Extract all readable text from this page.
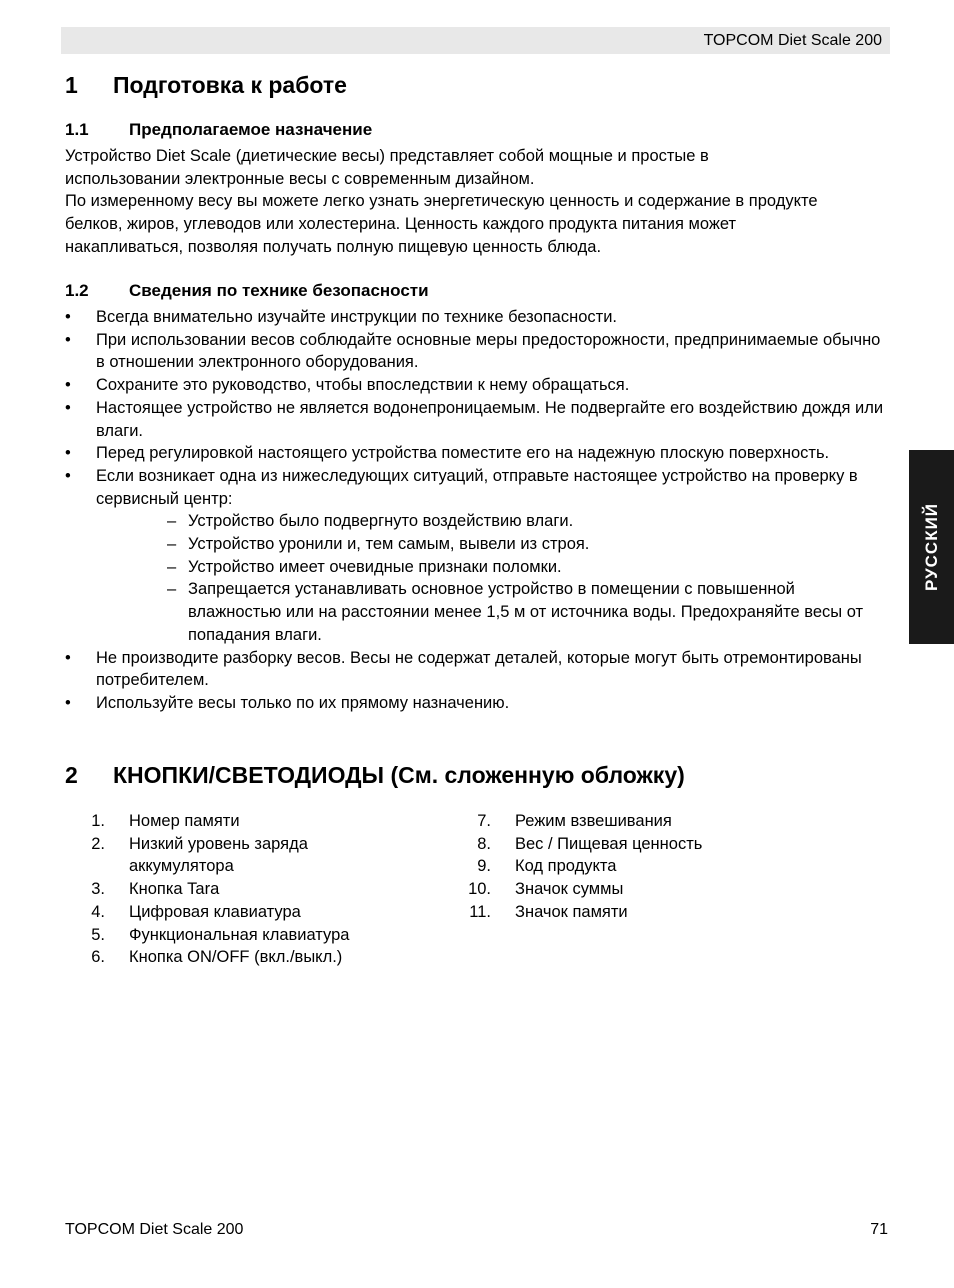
TOPCOM Diet Scale 200
РУССКИЙ
1	Подготовка к работе
1.1	Предполагаемое назначение
Устройство Diet Scale (диетические весы) представляет собой мощные и простые в
использовании электронные весы с современным дизайном.
По измеренному весу вы можете легко узнать энергетическую ценность и содержание в продукте
белков, жиров, углеводов или холестерина. Ценность каждого продукта питания может
накапливаться, позволяя получать полную пищевую ценность блюда.
1.2	Сведения по технике безопасности
• Всегда внимательно изучайте инструкции по технике безопасности.
• При использовании весов соблюдайте основные меры предосторожности, предпринимаемые обычно в отношении электронного оборудования.
• Сохраните это руководство, чтобы впоследствии к нему обращаться.
• Настоящее устройство не является водонепроницаемым. Не подвергайте его воздействию дождя или влаги.
• Перед регулировкой настоящего устройства поместите его на надежную плоскую поверхность.
• Если возникает одна из нижеследующих ситуаций, отправьте настоящее устройство на проверку в сервисный центр:
– Устройство было подвергнуто воздействию влаги.
– Устройство уронили и, тем самым, вывели из строя.
– Устройство имеет очевидные признаки поломки.
– Запрещается устанавливать основное устройство в помещении с повышенной влажностью или на расстоянии менее 1,5 м от источника воды. Предохраняйте весы от попадания влаги.
• Не производите разборку весов. Весы не содержат деталей, которые могут быть отремонтированы потребителем.
• Используйте весы только по их прямому назначению.
2	КНОПКИ/СВЕТОДИОДЫ (См. сложенную обложку)
1. Номер памяти
2. Низкий уровень заряда аккумулятора
3. Кнопка Tara
4. Цифровая клавиатура
5. Функциональная клавиатура
6. Кнопка ON/OFF (вкл./выкл.)
7. Режим взвешивания
8. Вес / Пищевая ценность
9. Код продукта
10. Значок суммы
11. Значок памяти
TOPCOM Diet Scale 200	71
